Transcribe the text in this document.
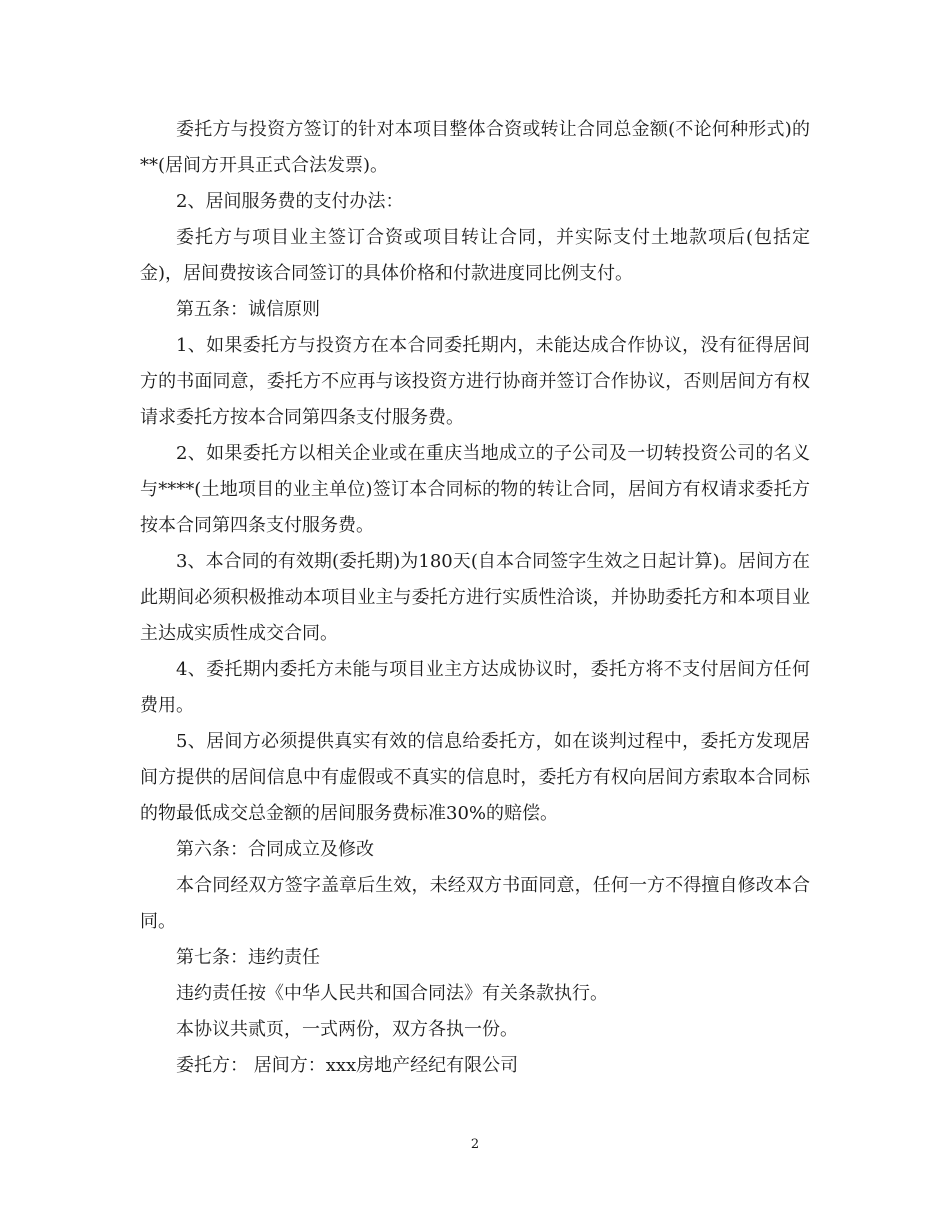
委托方与投资方签订的针对本项目整体合资或转让合同总金额(不论何种形式)的**(居间方开具正式合法发票)。

2、居间服务费的支付办法：

委托方与项目业主签订合资或项目转让合同，并实际支付土地款项后(包括定金)，居间费按该合同签订的具体价格和付款进度同比例支付。

第五条：诚信原则

1、如果委托方与投资方在本合同委托期内，未能达成合作协议，没有征得居间方的书面同意，委托方不应再与该投资方进行协商并签订合作协议，否则居间方有权请求委托方按本合同第四条支付服务费。

2、如果委托方以相关企业或在重庆当地成立的子公司及一切转投资公司的名义与****(土地项目的业主单位)签订本合同标的物的转让合同，居间方有权请求委托方按本合同第四条支付服务费。

3、本合同的有效期(委托期)为180天(自本合同签字生效之日起计算)。居间方在此期间必须积极推动本项目业主与委托方进行实质性洽谈，并协助委托方和本项目业主达成实质性成交合同。

4、委托期内委托方未能与项目业主方达成协议时，委托方将不支付居间方任何费用。

5、居间方必须提供真实有效的信息给委托方，如在谈判过程中，委托方发现居间方提供的居间信息中有虚假或不真实的信息时，委托方有权向居间方索取本合同标的物最低成交总金额的居间服务费标准30%的赔偿。

第六条：合同成立及修改

本合同经双方签字盖章后生效，未经双方书面同意，任何一方不得擅自修改本合同。

第七条：违约责任

违约责任按《中华人民共和国合同法》有关条款执行。

本协议共贰页，一式两份，双方各执一份。

委托方： 居间方：xxx房地产经纪有限公司

2
